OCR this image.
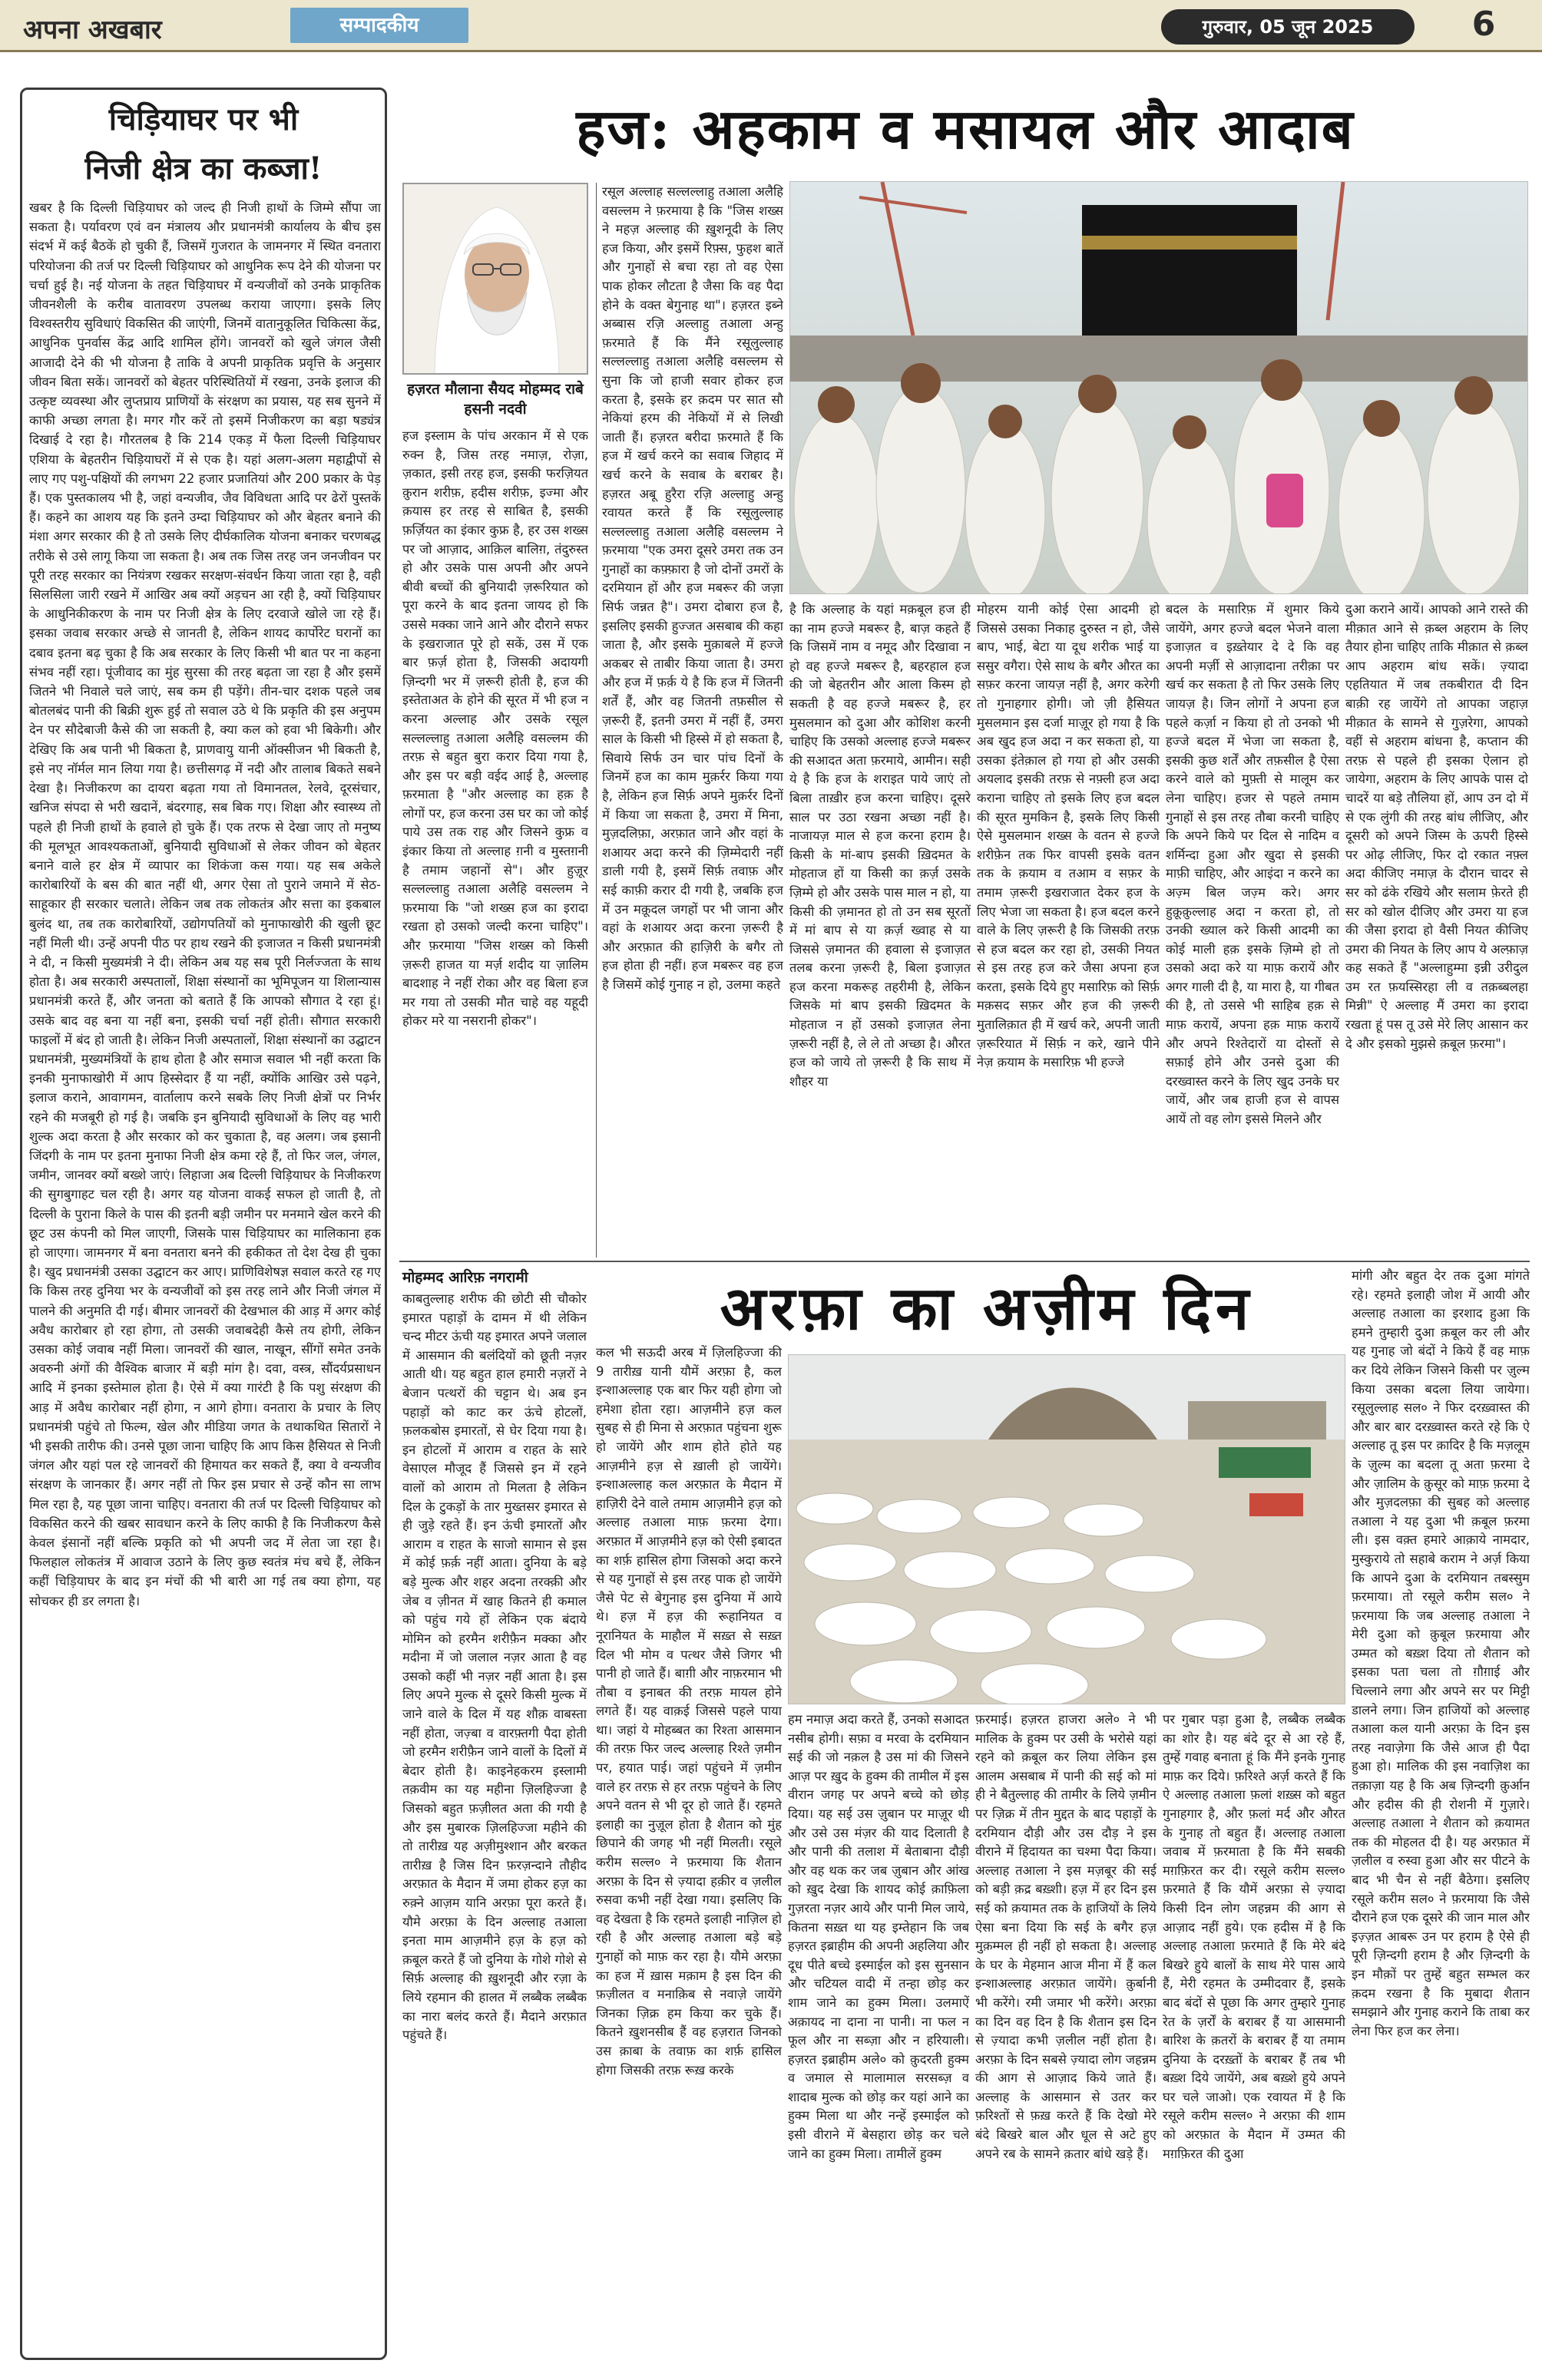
अपना अखबार	सम्पादकीय	गुरुवार, 05 जून 2025	6
चिड़ियाघर पर भी
निजी क्षेत्र का कब्जा!
खबर है कि दिल्ली चिड़ियाघर को जल्द ही निजी हाथों के जिम्मे सौंपा जा सकता है। पर्यावरण एवं वन मंत्रालय और प्रधानमंत्री कार्यालय के बीच इस संदर्भ में कई बैठकें हो चुकी हैं, जिसमें गुजरात के जामनगर में स्थित वनतारा परियोजना की तर्ज पर दिल्ली चिड़ियाघर को आधुनिक रूप देने की योजना पर चर्चा हुई है। नई योजना के तहत चिड़ियाघर में वन्यजीवों को उनके प्राकृतिक जीवनशैली के करीब वातावरण उपलब्ध कराया जाएगा। इसके लिए विश्वस्तरीय सुविधाएं विकसित की जाएंगी, जिनमें वातानुकूलित चिकित्सा केंद्र, आधुनिक पुनर्वास केंद्र आदि शामिल होंगे। जानवरों को खुले जंगल जैसी आजादी देने की भी योजना है ताकि वे अपनी प्राकृतिक प्रवृत्ति के अनुसार जीवन बिता सकें। जानवरों को बेहतर परिस्थितियों में रखना, उनके इलाज की उत्कृष्ट व्यवस्था और लुप्तप्राय प्राणियों के संरक्षण का प्रयास, यह सब सुनने में काफी अच्छा लगता है। मगर गौर करें तो इसमें निजीकरण का बड़ा षड्यंत्र दिखाई दे रहा है। गौरतलब है कि 214 एकड़ में फैला दिल्ली चिड़ियाघर एशिया के बेहतरीन चिड़ियाघरों में से एक है। यहां अलग-अलग महाद्वीपों से लाए गए पशु-पक्षियों की लगभग 22 हजार प्रजातियां और 200 प्रकार के पेड़ हैं। एक पुस्तकालय भी है, जहां वन्यजीव, जैव विविधता आदि पर ढेरों पुस्तकें हैं। कहने का आशय यह कि इतने उम्दा चिड़ियाघर को और बेहतर बनाने की मंशा अगर सरकार की है तो उसके लिए दीर्घकालिक योजना बनाकर चरणबद्ध तरीके से उसे लागू किया जा सकता है। अब तक जिस तरह जन जनजीवन पर पूरी तरह सरकार का नियंत्रण रखकर सरक्षण-संवर्धन किया जाता रहा है, वही सिलसिला जारी रखने में आखिर अब क्यों अड़चन आ रही है, क्यों चिड़ियाघर के आधुनिकीकरण के नाम पर निजी क्षेत्र के लिए दरवाजे खोले जा रहे हैं। इसका जवाब सरकार अच्छे से जानती है, लेकिन शायद कार्पोरेट घरानों का दबाव इतना बढ़ चुका है कि अब सरकार के लिए किसी भी बात पर ना कहना संभव नहीं रहा। पूंजीवाद का मुंह सुरसा की तरह बढ़ता जा रहा है और इसमें जितने भी निवाले चले जाएं, सब कम ही पड़ेंगे। तीन-चार दशक पहले जब बोतलबंद पानी की बिक्री शुरू हुई तो सवाल उठे थे कि प्रकृति की इस अनुपम देन पर सौदेबाजी कैसे की जा सकती है, क्या कल को हवा भी बिकेगी। और देखिए कि अब पानी भी बिकता है, प्राणवायु यानी ऑक्सीजन भी बिकती है, इसे नए नॉर्मल मान लिया गया है। छत्तीसगढ़ में नदी और तालाब बिकते सबने देखा है। निजीकरण का दायरा बढ़ता गया तो विमानतल, रेलवे, दूरसंचार, खनिज संपदा से भरी खदानें, बंदरगाह, सब बिक गए। शिक्षा और स्वास्थ्य तो पहले ही निजी हाथों के हवाले हो चुके हैं। एक तरफ से देखा जाए तो मनुष्य की मूलभूत आवश्यकताओं, बुनियादी सुविधाओं से लेकर जीवन को बेहतर बनाने वाले हर क्षेत्र में व्यापार का शिकंजा कस गया। यह सब अकेले कारोबारियों के बस की बात नहीं थी, अगर ऐसा तो पुराने जमाने में सेठ-साहूकार ही सरकार चलाते। लेकिन जब तक लोकतंत्र और सत्ता का इकबाल बुलंद था, तब तक कारोबारियों, उद्योगपतियों को मुनाफाखोरी की खुली छूट नहीं मिली थी। उन्हें अपनी पीठ पर हाथ रखने की इजाजत न किसी प्रधानमंत्री ने दी, न किसी मुख्यमंत्री ने दी। लेकिन अब यह सब पूरी निर्लज्जता के साथ होता है। अब सरकारी अस्पतालों, शिक्षा संस्थानों का भूमिपूजन या शिलान्यास प्रधानमंत्री करते हैं, और जनता को बताते हैं कि आपको सौगात दे रहा हूं। उसके बाद वह बना या नहीं बना, इसकी चर्चा नहीं होती। सौगात सरकारी फाइलों में बंद हो जाती है। लेकिन निजी अस्पतालों, शिक्षा संस्थानों का उद्घाटन प्रधानमंत्री, मुख्यमंत्रियों के हाथ होता है और समाज सवाल भी नहीं करता कि इनकी मुनाफाखोरी में आप हिस्सेदार हैं या नहीं, क्योंकि आखिर उसे पढ़ने, इलाज कराने, आवागमन, वार्तालाप करने सबके लिए निजी क्षेत्रों पर निर्भर रहने की मजबूरी हो गई है। जबकि इन बुनियादी सुविधाओं के लिए वह भारी शुल्क अदा करता है और सरकार को कर चुकाता है, वह अलग। जब इसानी जिंदगी के नाम पर इतना मुनाफा निजी क्षेत्र कमा रहे हैं, तो फिर जल, जंगल, जमीन, जानवर क्यों बख्शे जाएं। लिहाजा अब दिल्ली चिड़ियाघर के निजीकरण की सुगबुगाहट चल रही है। अगर यह योजना वाकई सफल हो जाती है, तो दिल्ली के पुराना किले के पास की इतनी बड़ी जमीन पर मनमाने खेल करने की छूट उस कंपनी को मिल जाएगी, जिसके पास चिड़ियाघर का मालिकाना हक हो जाएगा। जामनगर में बना वनतारा बनने की हकीकत तो देश देख ही चुका है। खुद प्रधानमंत्री उसका उद्घाटन कर आए। प्राणिविशेषज्ञ सवाल करते रह गए कि किस तरह दुनिया भर के वन्यजीवों को इस तरह लाने और निजी जंगल में पालने की अनुमति दी गई। बीमार जानवरों की देखभाल की आड़ में अगर कोई अवैध कारोबार हो रहा होगा, तो उसकी जवाबदेही कैसे तय होगी, लेकिन उसका कोई जवाब नहीं मिला। जानवरों की खाल, नाखून, सींगों समेत उनके अवरुनी अंगों की वैश्विक बाजार में बड़ी मांग है। दवा, वस्त्र, सौंदर्यप्रसाधन आदि में इनका इस्तेमाल होता है। ऐसे में क्या गारंटी है कि पशु संरक्षण की आड़ में अवैध कारोबार नहीं होगा, न आगे होगा। वनतारा के प्रचार के लिए प्रधानमंत्री पहुंचे तो फिल्म, खेल और मीडिया जगत के तथाकथित सितारों ने भी इसकी तारीफ की। उनसे पूछा जाना चाहिए कि आप किस हैसियत से निजी जंगल और यहां पल रहे जानवरों की हिमायत कर सकते हैं, क्या वे वन्यजीव संरक्षण के जानकार हैं। अगर नहीं तो फिर इस प्रचार से उन्हें कौन सा लाभ मिल रहा है, यह पूछा जाना चाहिए। वनतारा की तर्ज पर दिल्ली चिड़ियाघर को विकसित करने की खबर सावधान करने के लिए काफी है कि निजीकरण कैसे केवल इंसानों नहीं बल्कि प्रकृति को भी अपनी जद में लेता जा रहा है। फिलहाल लोकतंत्र में आवाज उठाने के लिए कुछ स्वतंत्र मंच बचे हैं, लेकिन कहीं चिड़ियाघर के बाद इन मंचों की भी बारी आ गई तब क्या होगा, यह सोचकर ही डर लगता है।
हज: अहकाम व मसायल और आदाब
हज़रत मौलाना सैयद मोहम्मद राबे हसनी नदवी
हज इस्लाम के पांच अरकान में से एक रुक्न है, जिस तरह नमाज़, रोज़ा, ज़कात, इसी तरह हज, इसकी फरज़ियत क़ुरान शरीफ़, हदीस शरीफ़, इज्मा और क़यास हर तरह से साबित है, इसकी फ़र्ज़ियत का इंकार कुफ्र है, हर उस शख्स पर जो आज़ाद, आक़िल बालिग़, तंदुरुस्त हो और उसके पास अपनी और अपने बीवी बच्चों की बुनियादी ज़रूरियात को पूरा करने के बाद इतना जायद हो कि उससे मक्का जाने आने और दौराने सफर के इखराजात पूरे हो सकें, उस में एक बार फ़र्ज़ होता है, जिसकी अदायगी ज़िन्दगी भर में ज़रूरी होती है, हज की इस्तेताअत के होने की सूरत में भी हज न करना अल्लाह और उसके रसूल सल्लल्लाहु तआला अलैहि वसल्लम की तरफ़ से बहुत बुरा करार दिया गया है, और इस पर बड़ी वईद आई है, अल्लाह फ़रमाता है "और अल्लाह का हक़ है लोगों पर, हज करना उस घर का जो कोई पाये उस तक राह और जिसने कुफ्र व इंकार किया तो अल्लाह ग़नी व मुस्तग़नी है तमाम जहानों से"। और हुज़ूर सल्लल्लाहु तआला अलैहि वसल्लम ने फ़रमाया कि "जो शख्स हज का इरादा रखता हो उसको जल्दी करना चाहिए"। और फ़रमाया "जिस शख्स को किसी ज़रूरी हाजत या मर्ज़ शदीद या ज़ालिम बादशाह ने नहीं रोका और वह बिला हज मर गया तो उसकी मौत चाहे वह यहूदी होकर मरे या नसरानी होकर"।
रसूल अल्लाह सल्लल्लाहु तआला अलैहि वसल्लम ने फ़रमाया है कि "जिस शख्स ने महज़ अल्लाह की ख़ुशनूदी के लिए हज किया, और इसमें रिफ़्स, फुहश बातें और गुनाहों से बचा रहा तो वह ऐसा पाक होकर लौटता है जैसा कि वह पैदा होने के वक्त बेगुनाह था"। हज़रत इब्ने अब्बास रज़ि अल्लाहु तआला अन्हु फ़रमाते हैं कि मैंने रसूलुल्लाह सल्लल्लाहु तआला अलैहि वसल्लम से सुना कि जो हाजी सवार होकर हज करता है, इसके हर क़दम पर सात सौ नेकियां हरम की नेकियों में से लिखी जाती हैं। हज़रत बरीदा फ़रमाते हैं कि हज में खर्च करने का सवाब जिहाद में खर्च करने के सवाब के बराबर है। हज़रत अबू हुरैरा रज़ि अल्लाहु अन्हु रवायत करते हैं कि रसूलुल्लाह सल्लल्लाहु तआला अलैहि वसल्लम ने फ़रमाया "एक उमरा दूसरे उमरा तक उन गुनाहों का कफ़्फ़ारा है जो दोनों उमरों के दरमियान हों और हज मबरूर की जज़ा सिर्फ जन्नत है"। उमरा दोबारा हज है, इसलिए इसकी हुज्जत असबाब की कहा जाता है, और इसके मुक़ाबले में हज्जे अकबर से ताबीर किया जाता है। उमरा और हज में फ़र्क़ ये है कि हज में जितनी शर्तें हैं, और वह जितनी तफ़सील से ज़रूरी हैं, इतनी उमरा में नहीं हैं, उमरा साल के किसी भी हिस्से में हो सकता है, सिवाये सिर्फ उन चार पांच दिनों के जिनमें हज का काम मुक़र्रर किया गया है, लेकिन हज सिर्फ़ अपने मुक़र्रर दिनों में किया जा सकता है, उमरा में मिना, मुज़दलिफ़ा, अरफ़ात जाने और वहां के शआयर अदा करने की ज़िम्मेदारी नहीं डाली गयी है, इसमें सिर्फ़ तवाफ़ और सई काफ़ी करार दी गयी है, जबकि हज में उन मक़ूदल जगहों पर भी जाना और वहां के शआयर अदा करना ज़रूरी है और अरफ़ात की हाज़िरी के बगैर तो हज होता ही नहीं। हज मबरूर वह हज है जिसमें कोई गुनाह न हो, उलमा कहते
है कि अल्लाह के यहां मक़बूल हज ही का नाम हज्जे मबरूर है, बाज़ कहते हैं कि जिसमें नाम व नमूद और दिखावा न हो वह हज्जे मबरूर है, बहरहाल हज की जो बेहतरीन और आला किस्म हो सकती है वह हज्जे मबरूर है, हर मुसलमान को दुआ और कोशिश करनी चाहिए कि उसको अल्लाह हज्जे मबरूर की सआदत अता फ़रमाये, आमीन। सही ये है कि हज के शराइत पाये जाएं तो बिला ताख़ीर हज करना चाहिए। दूसरे साल पर उठा रखना अच्छा नहीं है। नाजायज़ माल से हज करना हराम है। किसी के मां-बाप इसकी ख़िदमत के मोहताज हों या किसी का क़र्ज़ उसके ज़िम्मे हो और उसके पास माल न हो, या किसी की ज़मानत हो तो उन सब सूरतों में मां बाप से या क़र्ज़ ख्वाह से या जिससे ज़मानत की हवाला से इजाज़त तलब करना ज़रूरी है, बिला इजाज़त हज करना मकरूह तहरीमी है, लेकिन जिसके मां बाप इसकी ख़िदमत के मोहताज न हों उसको इजाज़त लेना ज़रूरी नहीं है, ले ले तो अच्छा है। औरत हज को जाये तो ज़रूरी है कि साथ में शौहर या
मोहरम यानी कोई ऐसा आदमी हो जिससे उसका निकाह दुरुस्त न हो, जैसे बाप, भाई, बेटा या दूध शरीक भाई या ससुर वगैरा। ऐसे साथ के बगैर औरत का सफ़र करना जायज़ नहीं है, अगर करेगी तो गुनाहगार होगी। जो ज़ी हैसियत मुसलमान इस दर्जा माज़ूर हो गया है कि अब खुद हज अदा न कर सकता हो, या उसका इंतेक़ाल हो गया हो और उसकी अयलाद इसकी तरफ़ से नफ़्ली हज अदा कराना चाहिए तो इसके लिए हज बदल की सूरत मुमकिन है, इसके लिए किसी ऐसे मुसलमान शख्स के वतन से हज्जे शरीफ़ेन तक फिर वापसी इसके वतन तक के क़याम व तआम व सफ़र के तमाम ज़रूरी इखराजात देकर हज के लिए भेजा जा सकता है। हज बदल करने वाले के लिए ज़रूरी है कि जिसकी तरफ़ से हज बदल कर रहा हो, उसकी नियत से इस तरह हज करे जैसा अपना हज करता, इसके दिये हुए मसारिफ़ को सिर्फ़ मक़सद सफ़र और हज की ज़रूरी मुतालिक़ात ही में खर्च करे, अपनी जाती ज़रूरियात में सिर्फ़ न करे, खाने पीने नेज़ क़याम के मसारिफ़ भी हज्जे
बदल के मसारिफ़ में शुमार किये जायेंगे, अगर हज्जे बदल भेजने वाला इजाज़त व इख़्तेयार दे दे कि वह अपनी मर्ज़ी से आज़ादाना तरीक़ा पर खर्च कर सकता है तो फिर उसके लिए जायज़ है। जिन लोगों ने अपना हज पहले कर्ज़ा न किया हो तो उनको भी हज्जे बदल में भेजा जा सकता है, इसकी कुछ शर्तें और तफ़सील है ऐसा करने वाले को मुफ़्ती से मालूम कर लेना चाहिए। हजर से पहले तमाम गुनाहों से इस तरह तौबा करनी चाहिए कि अपने किये पर दिल से नादिम व शर्मिन्दा हुआ और खुदा से इसकी माफ़ी चाहिए, और आइंदा न करने का अज़्म बिल जज़्म करे। अगर हुक़ूक़ुल्लाह अदा न करता हो, तो उनकी ख्याल करे किसी आदमी का कोई माली हक़ इसके ज़िम्मे हो तो उसको अदा करे या माफ़ करायें और अगर गाली दी है, या मारा है, या गीबत की है, तो उससे भी साहिब हक़ से माफ़ करायें, अपना हक़ माफ़ करायें और अपने रिश्तेदारों या दोस्तों से सफ़ाई होने और उनसे दुआ की दरख्वास्त करने के लिए खुद उनके घर जायें, और जब हाजी हज से वापस आयें तो वह लोग इससे मिलने और
दुआ कराने आयें। आपको आने रास्ते की मीक़ात आने से क़ब्ल अहराम के लिए तैयार होना चाहिए ताकि मीक़ात से क़ब्ल आप अहराम बांध सकें। ज़्यादा एहतियात में जब तकबीरात दी दिन बाक़ी रह जायेंगे तो आपका जहाज़ मीक़ात के सामने से गुज़रेगा, आपको वहीं से अहराम बांधना है, कप्तान की तरफ़ से पहले ही इसका ऐलान हो जायेगा, अहराम के लिए आपके पास दो चादरें या बड़े तौलिया हों, आप उन दो में से एक लुंगी की तरह बांध लीजिए, और दूसरी को अपने जिस्म के ऊपरी हिस्से पर ओढ़ लीजिए, फिर दो रकात नफ़्ल अदा कीजिए नमाज़ के दौरान चादर से सर को ढंके रखिये और सलाम फ़ेरते ही सर को खोल दीजिए और उमरा या हज की जैसा इरादा हो वैसी नियत कीजिए उमरा की नियत के लिए आप ये अल्फ़ाज़ कह सकते हैं "अल्लाहुम्मा इन्नी उरीदुल उम रत फ़यस्सिरहा ली व तक़ब्बलहा मिन्नी" ऐ अल्लाह मैं उमरा का इरादा रखता हूं पस तू उसे मेरे लिए आसान कर दे और इसको मुझसे क़बूल फ़रमा"।
मोहम्मद आरिफ़ नगरामी	अरफ़ा का अज़ीम दिन
काबतुल्लाह शरीफ की छोटी सी चौकोर इमारत पहाड़ों के दामन में थी लेकिन चन्द मीटर ऊंची यह इमारत अपने जलाल में आसमान की बलंदियों को छूती नज़र आती थी। यह बहुत हाल हमारी नज़रों ने बेजान पत्थरों की चट्टान थे। अब इन पहाड़ों को काट कर ऊंचे होटलों, फ़लकबोस इमारतों, से घेर दिया गया है। इन होटलों में आराम व राहत के सारे वेसाएल मौजूद हैं जिससे इन में रहने वालों को आराम तो मिलता है लेकिन दिल के टुकड़ों के तार मुख्तसर इमारत से ही जुड़े रहते हैं। इन ऊंची इमारतों और आराम व राहत के साजो सामान से इस में कोई फ़र्क़ नहीं आता। दुनिया के बड़े बड़े मुल्क और शहर अदना तरक्क़ी और जेब व ज़ीनत में खाह कितने ही कमाल को पहुंच गये हों लेकिन एक बंदाये मोमिन को हरमैन शरीफ़ैन मक्का और मदीना में जो जलाल नज़र आता है वह उसको कहीं भी नज़र नहीं आता है। इस लिए अपने मुल्क से दूसरे किसी मुल्क में जाने वाले के दिल में यह शौक़ वाबस्ता नहीं होता, जज़्बा व वारफ़्तगी पैदा होती जो हरमैन शरीफ़ैन जाने वालों के दिलों में बेदार होती है। काइनेहकरम इस्लामी तक़वीम का यह महीना ज़िलहिज्जा है जिसको बहुत फ़ज़ीलत अता की गयी है और इस मुबारक ज़िलहिज्जा महीने की तो तारीख़ यह अज़ीमुश्शान और बरकत तारीख़ है जिस दिन फ़रज़न्दाने तौहीद अरफ़ात के मैदान में जमा होकर हज़ का रुक़्ने आज़म यानि अरफ़ा पूरा करते हैं। यौमे अरफ़ा के दिन अल्लाह तआला इनता माम आज़मीने हज़ के हज़ को क़बूल करते हैं जो दुनिया के गोशे गोशे से सिर्फ़ अल्लाह की ख़ुशनूदी और रज़ा के लिये रहमान की हालत में लब्बैक लब्बैक का नारा बलंद करते हैं। मैदाने अरफ़ात पहुंचते हैं।
कल भी सऊदी अरब में ज़िलहिज्जा की 9 तारीख़ यानी यौमें अरफ़ा है, कल इन्शाअल्लाह एक बार फिर यही होगा जो हमेशा होता रहा। आज़मीने हज़ कल सुबह से ही मिना से अरफ़ात पहुंचना शुरू हो जायेंगे और शाम होते होते यह आज़मीने हज़ से ख़ाली हो जायेंगे। इन्शाअल्लाह कल अरफ़ात के मैदान में हाज़िरी देने वाले तमाम आज़मीने हज़ को अल्लाह तआला माफ़ फ़रमा देगा। अरफ़ात में आज़मीने हज़ को ऐसी इबादत का शर्फ़ हासिल होगा जिसको अदा करने से यह गुनाहों से इस तरह पाक हो जायेंगे जैसे पेट से बेगुनाह इस दुनिया में आये थे। हज़ में हज़ की रूहानियत व नूरानियत के माहौल में सख़्त से सख़्त दिल भी मोम व पत्थर जैसे जिगर भी पानी हो जाते हैं। बाग़ी और नाफ़रमान भी तौबा व इनाबत की तरफ़ मायल होने लगते हैं। यह वाक़ई जिससे पहले पाया था। जहां ये मोहब्बत का रिश्ता आसमान की तरफ़ फिर जल्द अल्लाह रिश्ते ज़मीन पर, हयात पाई। जहां पहुंचने में ज़मीन वाले हर तरफ़ से हर तरफ़ पहुंचने के लिए अपने वतन से भी दूर हो जाते हैं। रहमते इलाही का नुज़ूल होता है शैतान को मुंह छिपाने की जगह भी नहीं मिलती। रसूले करीम सल्ल० ने फ़रमाया कि शैतान अरफ़ा के दिन से ज़्यादा हक़ीर व ज़लील रुसवा कभी नहीं देखा गया। इसलिए कि वह देखता है कि रहमते इलाही नाज़िल हो रही है और अल्लाह तआला बड़े बड़े गुनाहों को माफ़ कर रहा है। यौमे अरफ़ा का हज में ख़ास मक़ाम है इस दिन की फ़ज़ीलत व मनाक़िब से नवाज़े जायेंगे जिनका ज़िक्र हम किया कर चुके हैं। कितने ख़ुशनसीब हैं वह हज़रात जिनको उस क़ाबा के तवाफ़ का शर्फ़ हासिल होगा जिसकी तरफ़ रूख़ करके
हम नमाज़ अदा करते हैं, उनको सआदत नसीब होगी। सफ़ा व मरवा के दरमियान सई की जो नक़ल है उस मां की जिसने आज़ पर ख़ुद के हुक्म की तामील में इस वीरान जगह पर अपने बच्चे को छोड़ दिया। यह सई उस ज़ुबान पर माज़ूर थी और उसे उस मंज़र की याद दिलाती है और पानी की तलाश में बेताबाना दौड़ी और वह थक कर जब ज़ुबान और आंख को ख़ुद देखा कि शायद कोई क़ाफ़िला गुज़रता नज़र आये और पानी मिल जाये, कितना सख़्त था यह इम्तेहान कि जब हज़रत इब्राहीम की अपनी अहलिया और दूध पीते बच्चे इस्माईल को इस सुनसान और चटियल वादी में तन्हा छोड़ कर शाम जाने का हुक्म मिला। उलमाऐं अक़ायद ना दाना ना पानी। ना फल न फूल और ना सब्ज़ा और न हरियाली। हज़रत इब्राहीम अले० को क़ुदरती हुक्म व जमाल से मालामाल सरसब्ज़ व शादाब मुल्क को छोड़ कर यहां आने का हुक्म मिला था और नन्हें इस्माईल को इसी वीराने में बेसहारा छोड़ कर चले जाने का हुक्म मिला। तामीलें हुक्म
फ़रमाई। हज़रत हाजरा अले० ने भी मालिक के हुक्म पर उसी के भरोसे यहां रहने को क़बूल कर लिया लेकिन इस आलम असबाब में पानी की सई को मां ही ने बैतुल्लाह की तामीर के लिये ज़मीन पर ज़िक्र में तीन मुद्दत के बाद पहाड़ों के दरमियान दौड़ी और उस दौड़ ने इस वीराने में हिदायत का चश्मा पैदा किया। अल्लाह तआला ने इस मज़बूर की सई को बड़ी क़द्र बख़्शी। हज़ में हर दिन इस सई को क़यामत तक के हाजियों के लिये ऐसा बना दिया कि सई के बगैर हज़ मुक़म्मल ही नहीं हो सकता है। अल्लाह के घर के मेहमान आज मीना में हैं कल इन्शाअल्लाह अरफ़ात जायेंगे। क़ुर्बानी भी करेंगे। रमी जमार भी करेंगे। अरफ़ा का दिन वह दिन है कि शैतान इस दिन से ज़्यादा कभी ज़लील नहीं होता है। अरफ़ा के दिन सबसे ज़्यादा लोग जहन्नम की आग से आज़ाद किये जाते हैं। अल्लाह के आसमान से उतर कर फ़रिश्तों से फ़ख़ करते हैं कि देखो मेरे बंदे बिखरे बाल और धूल से अटे हुए अपने रब के सामने क़तार बांधे खड़े हैं।
पर गुबार पड़ा हुआ है, लब्बैक लब्बैक का शोर है। यह बंदे दूर से आ रहे हैं, तुम्हें गवाह बनाता हूं कि मैंने इनके गुनाह माफ़ कर दिये। फ़रिश्ते अर्ज़ करते हैं कि ऐ अल्लाह तआला फ़लां शख़्स को बहुत गुनाहगार है, और फ़लां मर्द और औरत के गुनाह तो बहुत हैं। अल्लाह तआला जवाब में फ़रमाता है कि मैंने सबकी मग़फ़िरत कर दी। रसूले करीम सल्ल० फ़रमाते हैं कि यौमें अरफ़ा से ज़्यादा किसी दिन लोग जहन्नम की आग से आज़ाद नहीं हुये। एक हदीस में है कि अल्लाह तआला फ़रमाते हैं कि मेरे बंदे बिखरे हुये बालों के साथ मेरे पास आये हैं, मेरी रहमत के उम्मीदवार हैं, इसके बाद बंदों से पूछा कि अगर तुम्हारे गुनाह रेत के ज़र्रों के बराबर हैं या आसमानी बारिश के क़तरों के बराबर हैं या तमाम दुनिया के दरख़्तों के बराबर हैं तब भी बख़्श दिये जायेंगे, अब बख़्शे हुये अपने घर चले जाओ। एक रवायत में है कि रसूले करीम सल्ल० ने अरफ़ा की शाम को अरफ़ात के मैदान में उम्मत की मग़फ़िरत की दुआ
मांगी और बहुत देर तक दुआ मांगते रहे। रहमते इलाही जोश में आयी और अल्लाह तआला का इरशाद हुआ कि हमने तुम्हारी दुआ क़बूल कर ली और यह गुनाह जो बंदों ने किये हैं वह माफ़ कर दिये लेकिन जिसने किसी पर ज़ुल्म किया उसका बदला लिया जायेगा। रसूलुल्लाह सल० ने फिर दरख़्वास्त की और बार बार दरख़्वास्त करते रहे कि ऐ अल्लाह तू इस पर क़ादिर है कि मज़लूम के ज़ुल्म का बदला तू अता फ़रमा दे और ज़ालिम के क़ुसूर को माफ़ फ़रमा दे और मुज़दलफ़ा की सुबह को अल्लाह तआला ने यह दुआ भी क़बूल फ़रमा ली। इस वक़्त हमारे आक़ाये नामदार, मुस्कुराये तो सहाबे कराम ने अर्ज़ किया कि आपने दुआ के दरमियान तबस्सुम फ़रमाया। तो रसूले करीम सल० ने फ़रमाया कि जब अल्लाह तआला ने मेरी दुआ को क़ुबूल फ़रमाया और उम्मत को बख़्श दिया तो शैतान को इसका पता चला तो ग़ौग़ाई और चिल्लाने लगा और अपने सर पर मिट्टी डालने लगा। जिन हाजियों को अल्लाह तआला कल यानी अरफ़ा के दिन इस तरह नवाज़ेगा कि जैसे आज ही पैदा हुआ हो। मालिक की इस नवाज़िश का तक़ाज़ा यह है कि अब ज़िन्दगी क़ुर्आन और हदीस की ही रोशनी में गुज़ारे। अल्लाह तआला ने शैतान को क़यामत तक की मोहलत दी है। यह अरफ़ात में ज़लील व रुस्वा हुआ और सर पीटने के बाद भी चैन से नहीं बैठेगा। इसलिए रसूले करीम सल० ने फ़रमाया कि जैसे दौराने हज एक दूसरे की जान माल और इज़्ज़त आबरू उन पर हराम है ऐसे ही पूरी ज़िन्दगी हराम है और ज़िन्दगी के इन मौक़ों पर तुम्हें बहुत सम्भल कर क़दम रखना है कि मुबादा शैतान समझाने और गुनाह कराने कि ताबा कर लेना फिर हज कर लेना।
